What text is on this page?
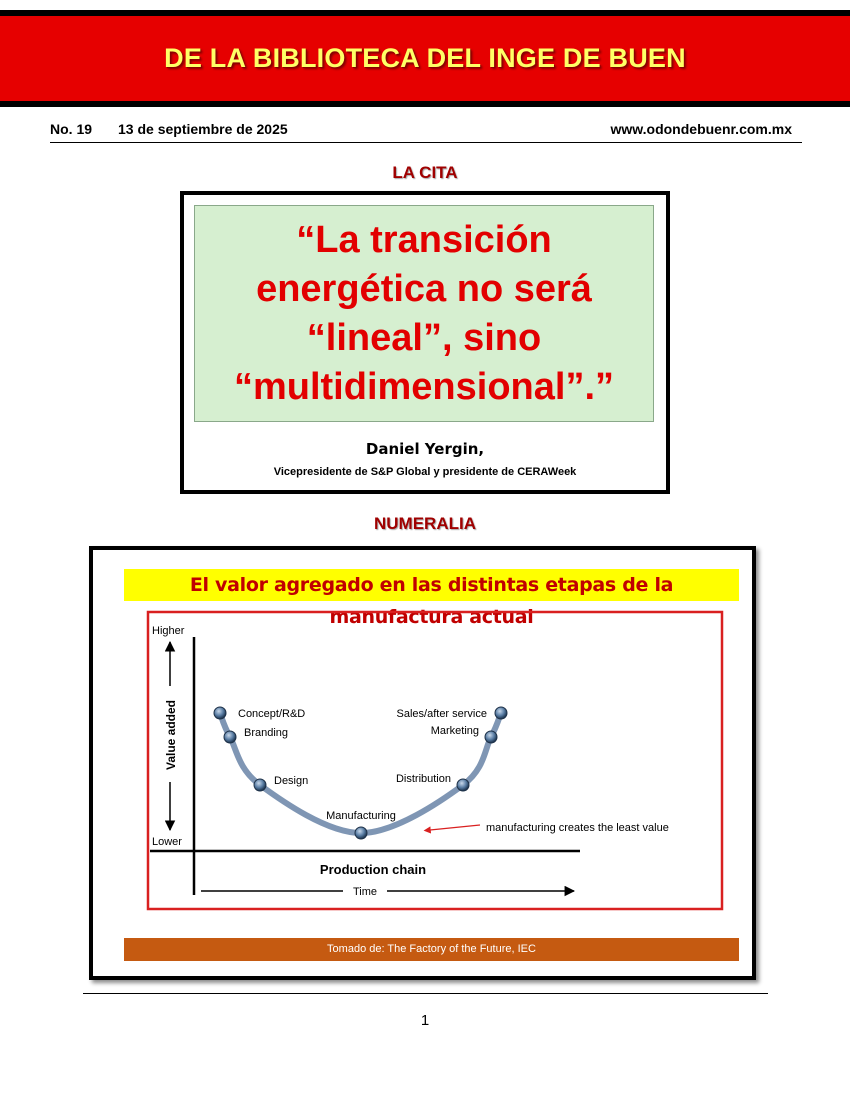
DE LA BIBLIOTECA DEL INGE DE BUEN
No. 19 13 de septiembre de 2025	www.odondebuenr.com.mx
LA CITA
“La transición energética no será “lineal”, sino “multidimensional”.”
Daniel Yergin,
Vicepresidente de S&P Global y presidente de CERAWeek
NUMERALIA
El valor agregado en las distintas etapas de la manufactura actual
Higher
Lower
Value added
Production chain
Time
Concept/R&D
Branding
Design
Manufacturing
Distribution
Marketing
Sales/after service
manufacturing creates the least value
Tomado de: The Factory of the Future, IEC
1
